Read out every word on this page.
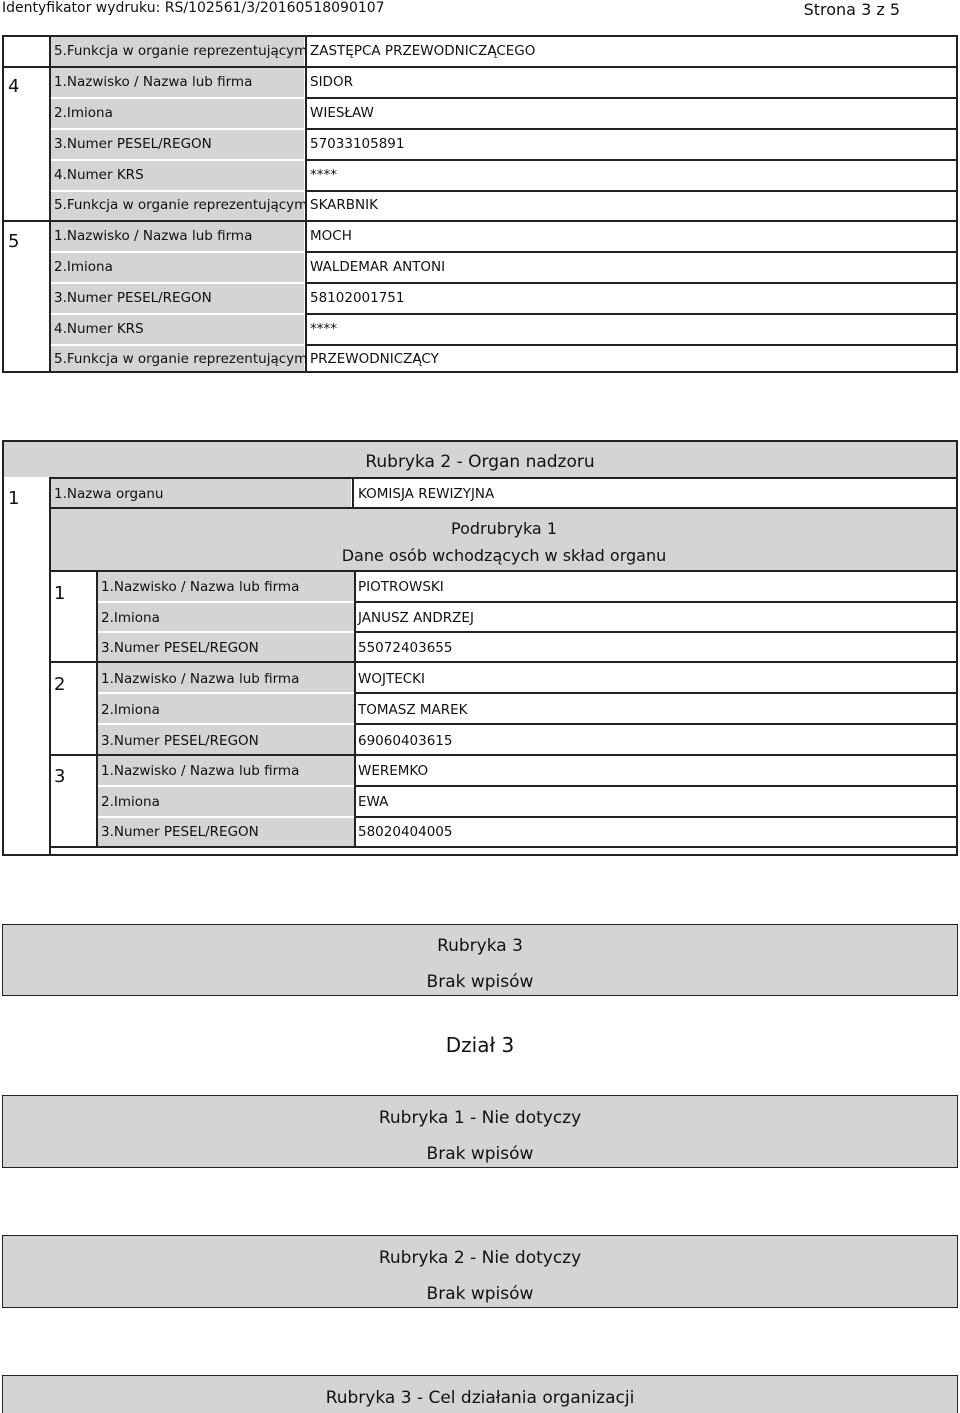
Identyfikator wydruku: RS/102561/3/20160518090107	Strona 3 z 5
5.Funkcja w organie reprezentującym ZASTĘPCA PRZEWODNICZĄCEGO
4	1.Nazwisko / Nazwa lub firma	SIDOR
2.Imiona	WIESŁAW
3.Numer PESEL/REGON	57033105891
4.Numer KRS	****
5.Funkcja w organie reprezentującym SKARBNIK
5	1.Nazwisko / Nazwa lub firma	MOCH
2.Imiona	WALDEMAR ANTONI
3.Numer PESEL/REGON	58102001751
4.Numer KRS	****
5.Funkcja w organie reprezentującym PRZEWODNICZĄCY
Rubryka 2 - Organ nadzoru
1	1.Nazwa organu	KOMISJA REWIZYJNA
Podrubryka 1
Dane osób wchodzących w skład organu
1	1.Nazwisko / Nazwa lub firma	PIOTROWSKI
2.Imiona	JANUSZ ANDRZEJ
3.Numer PESEL/REGON	55072403655
2	1.Nazwisko / Nazwa lub firma	WOJTECKI
2.Imiona	TOMASZ MAREK
3.Numer PESEL/REGON	69060403615
3	1.Nazwisko / Nazwa lub firma	WEREMKO
2.Imiona	EWA
3.Numer PESEL/REGON	58020404005
Rubryka 3
Brak wpisów
Dział 3
Rubryka 1 - Nie dotyczy
Brak wpisów
Rubryka 2 - Nie dotyczy
Brak wpisów
Rubryka 3 - Cel działania organizacji
